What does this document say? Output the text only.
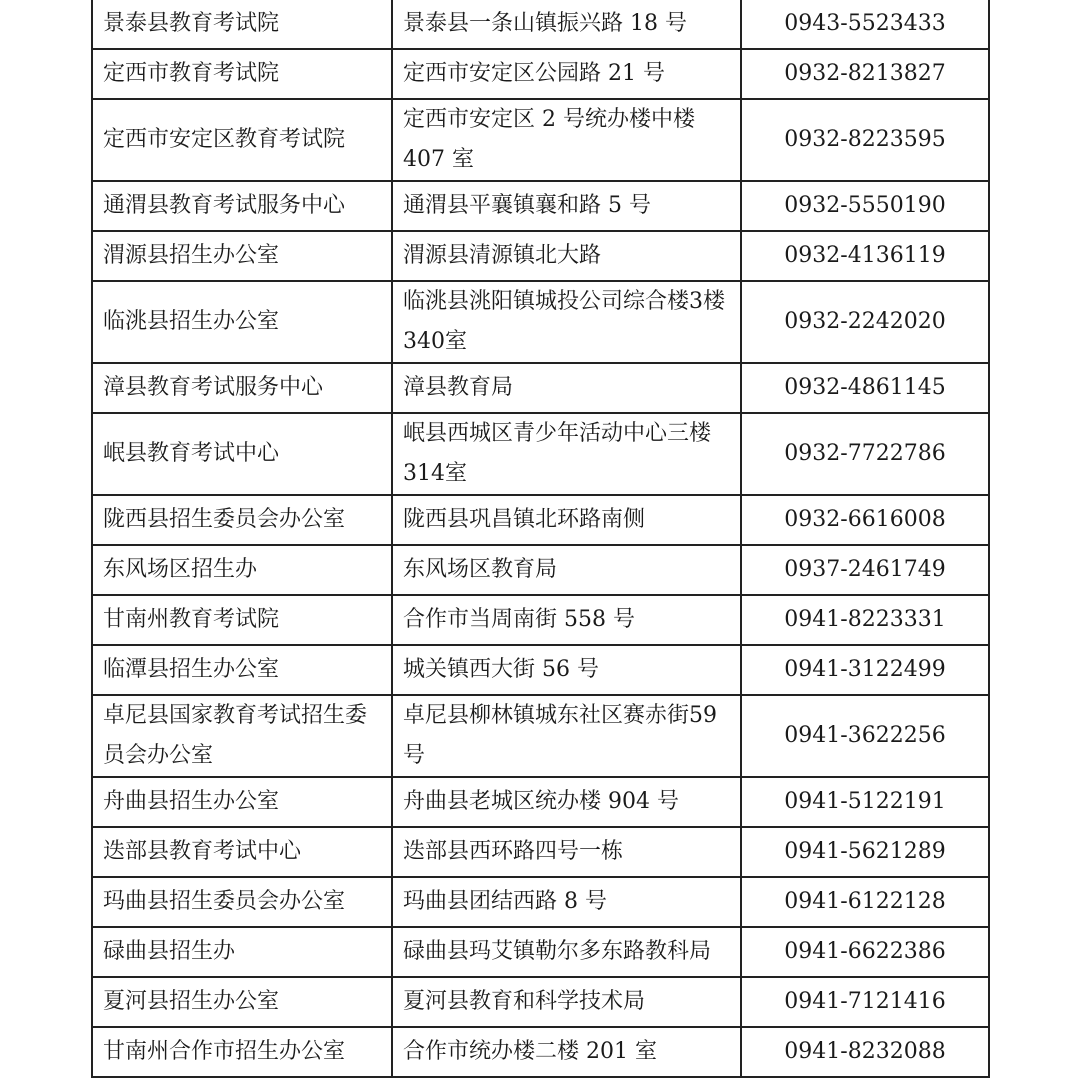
景泰县教育考试院	景泰县一条山镇振兴路 18 号	0943-5523433
定西市教育考试院	定西市安定区公园路 21 号	0932-8213827
定西市安定区教育考试院	定西市安定区 2 号统办楼中楼 407 室	0932-8223595
通渭县教育考试服务中心	通渭县平襄镇襄和路 5 号	0932-5550190
渭源县招生办公室	渭源县清源镇北大路	0932-4136119
临洮县招生办公室	临洮县洮阳镇城投公司综合楼3楼340室	0932-2242020
漳县教育考试服务中心	漳县教育局	0932-4861145
岷县教育考试中心	岷县西城区青少年活动中心三楼314室	0932-7722786
陇西县招生委员会办公室	陇西县巩昌镇北环路南侧	0932-6616008
东风场区招生办	东风场区教育局	0937-2461749
甘南州教育考试院	合作市当周南街 558 号	0941-8223331
临潭县招生办公室	城关镇西大街 56 号	0941-3122499
卓尼县国家教育考试招生委员会办公室	卓尼县柳林镇城东社区赛赤街59 号	0941-3622256
舟曲县招生办公室	舟曲县老城区统办楼 904 号	0941-5122191
迭部县教育考试中心	迭部县西环路四号一栋	0941-5621289
玛曲县招生委员会办公室	玛曲县团结西路 8 号	0941-6122128
碌曲县招生办	碌曲县玛艾镇勒尔多东路教科局	0941-6622386
夏河县招生办公室	夏河县教育和科学技术局	0941-7121416
甘南州合作市招生办公室	合作市统办楼二楼 201 室	0941-8232088
